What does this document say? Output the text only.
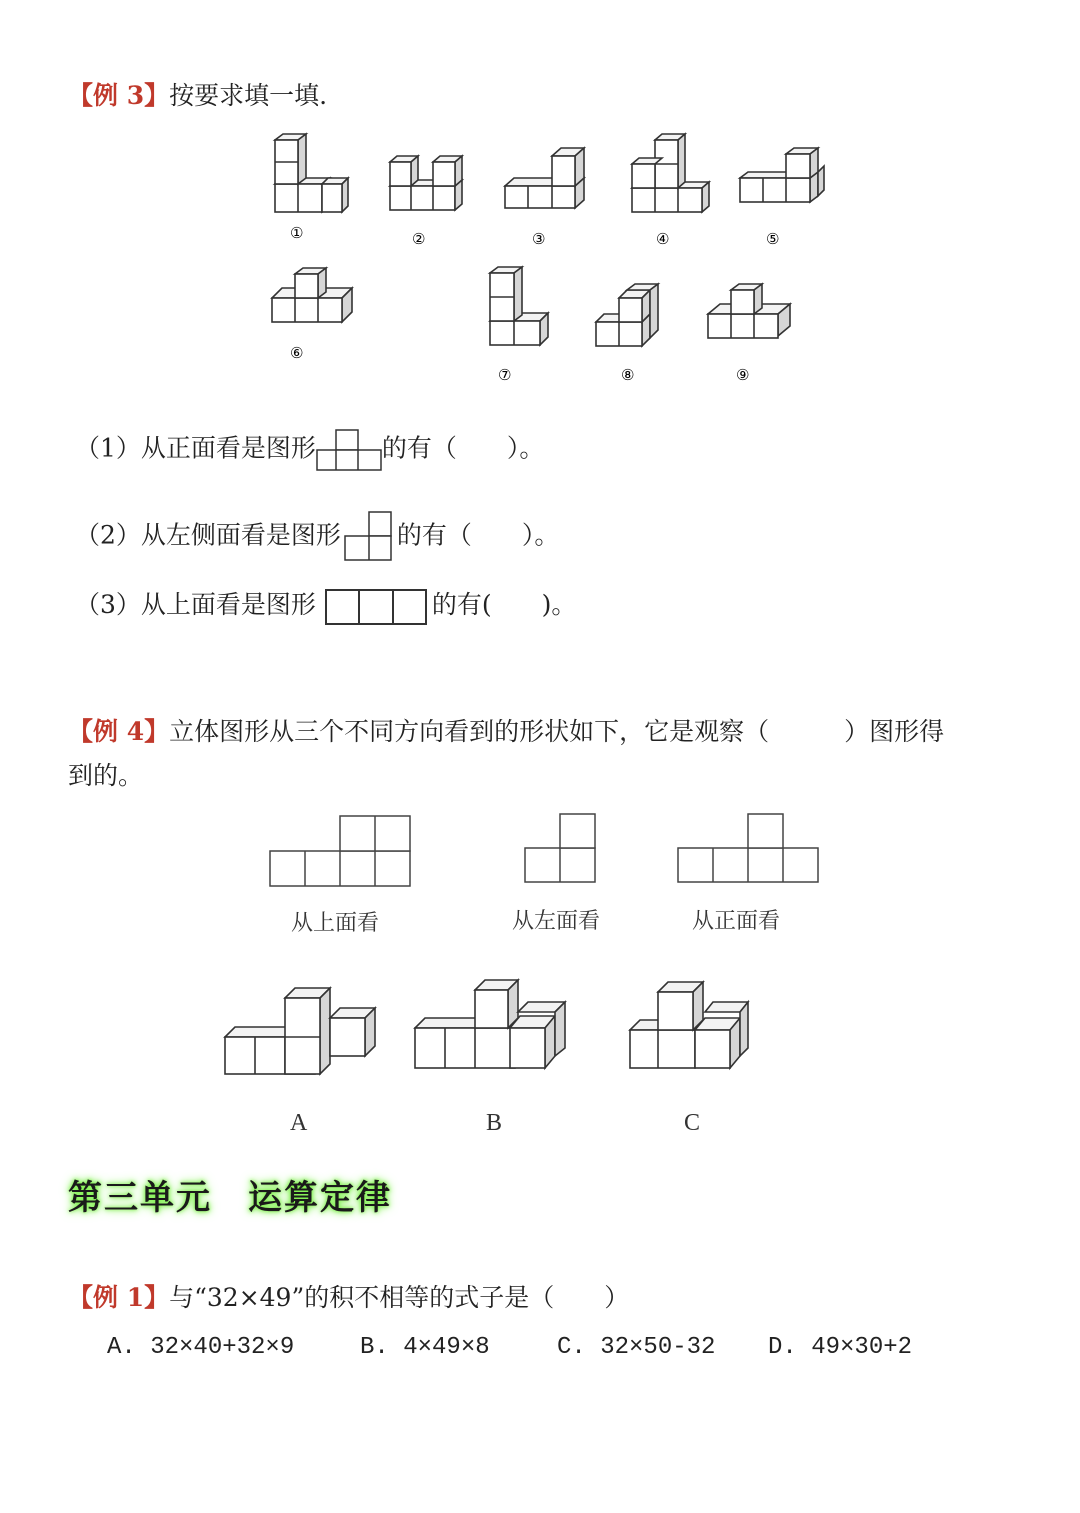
【例 3】按要求填一填.
①	②	③	④	⑤
⑥
⑦	⑧	⑨
（1）从正面看是图形	的有（　　）。
（2）从左侧面看是图形 的有（　　）。
（3）从上面看是图形	的有(　　)。
【例 4】立体图形从三个不同方向看到的形状如下，它是观察（　　　）图形得
到的。
从上面看	从左面看	从正面看
A	B	C
第三单元　运算定律
【例 1】与“32×49”的积不相等的式子是（　　）
A. 32×40+32×9	B. 4×49×8	C. 32×50-32 D. 49×30+2
